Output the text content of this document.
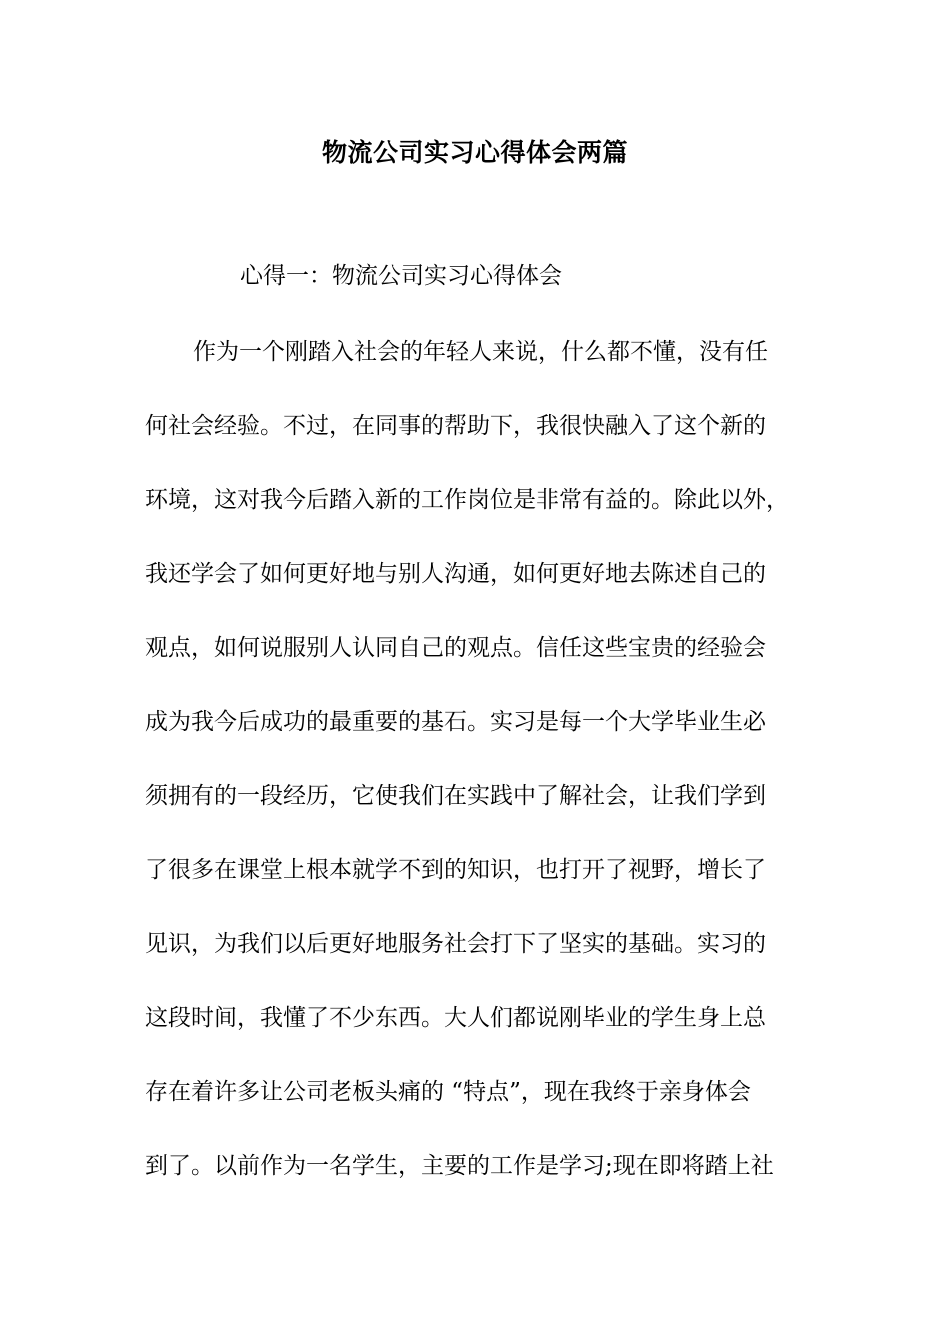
物流公司实习心得体会两篇
心得一：物流公司实习心得体会
作为一个刚踏入社会的年轻人来说，什么都不懂，没有任
何社会经验。不过，在同事的帮助下，我很快融入了这个新的
环境，这对我今后踏入新的工作岗位是非常有益的。除此以外，
我还学会了如何更好地与别人沟通，如何更好地去陈述自己的
观点，如何说服别人认同自己的观点。信任这些宝贵的经验会
成为我今后成功的最重要的基石。实习是每一个大学毕业生必
须拥有的一段经历，它使我们在实践中了解社会，让我们学到
了很多在课堂上根本就学不到的知识，也打开了视野，增长了
见识，为我们以后更好地服务社会打下了坚实的基础。实习的
这段时间，我懂了不少东西。大人们都说刚毕业的学生身上总
存在着许多让公司老板头痛的 “特点”，现在我终于亲身体会
到了。以前作为一名学生，主要的工作是学习;现在即将踏上社
